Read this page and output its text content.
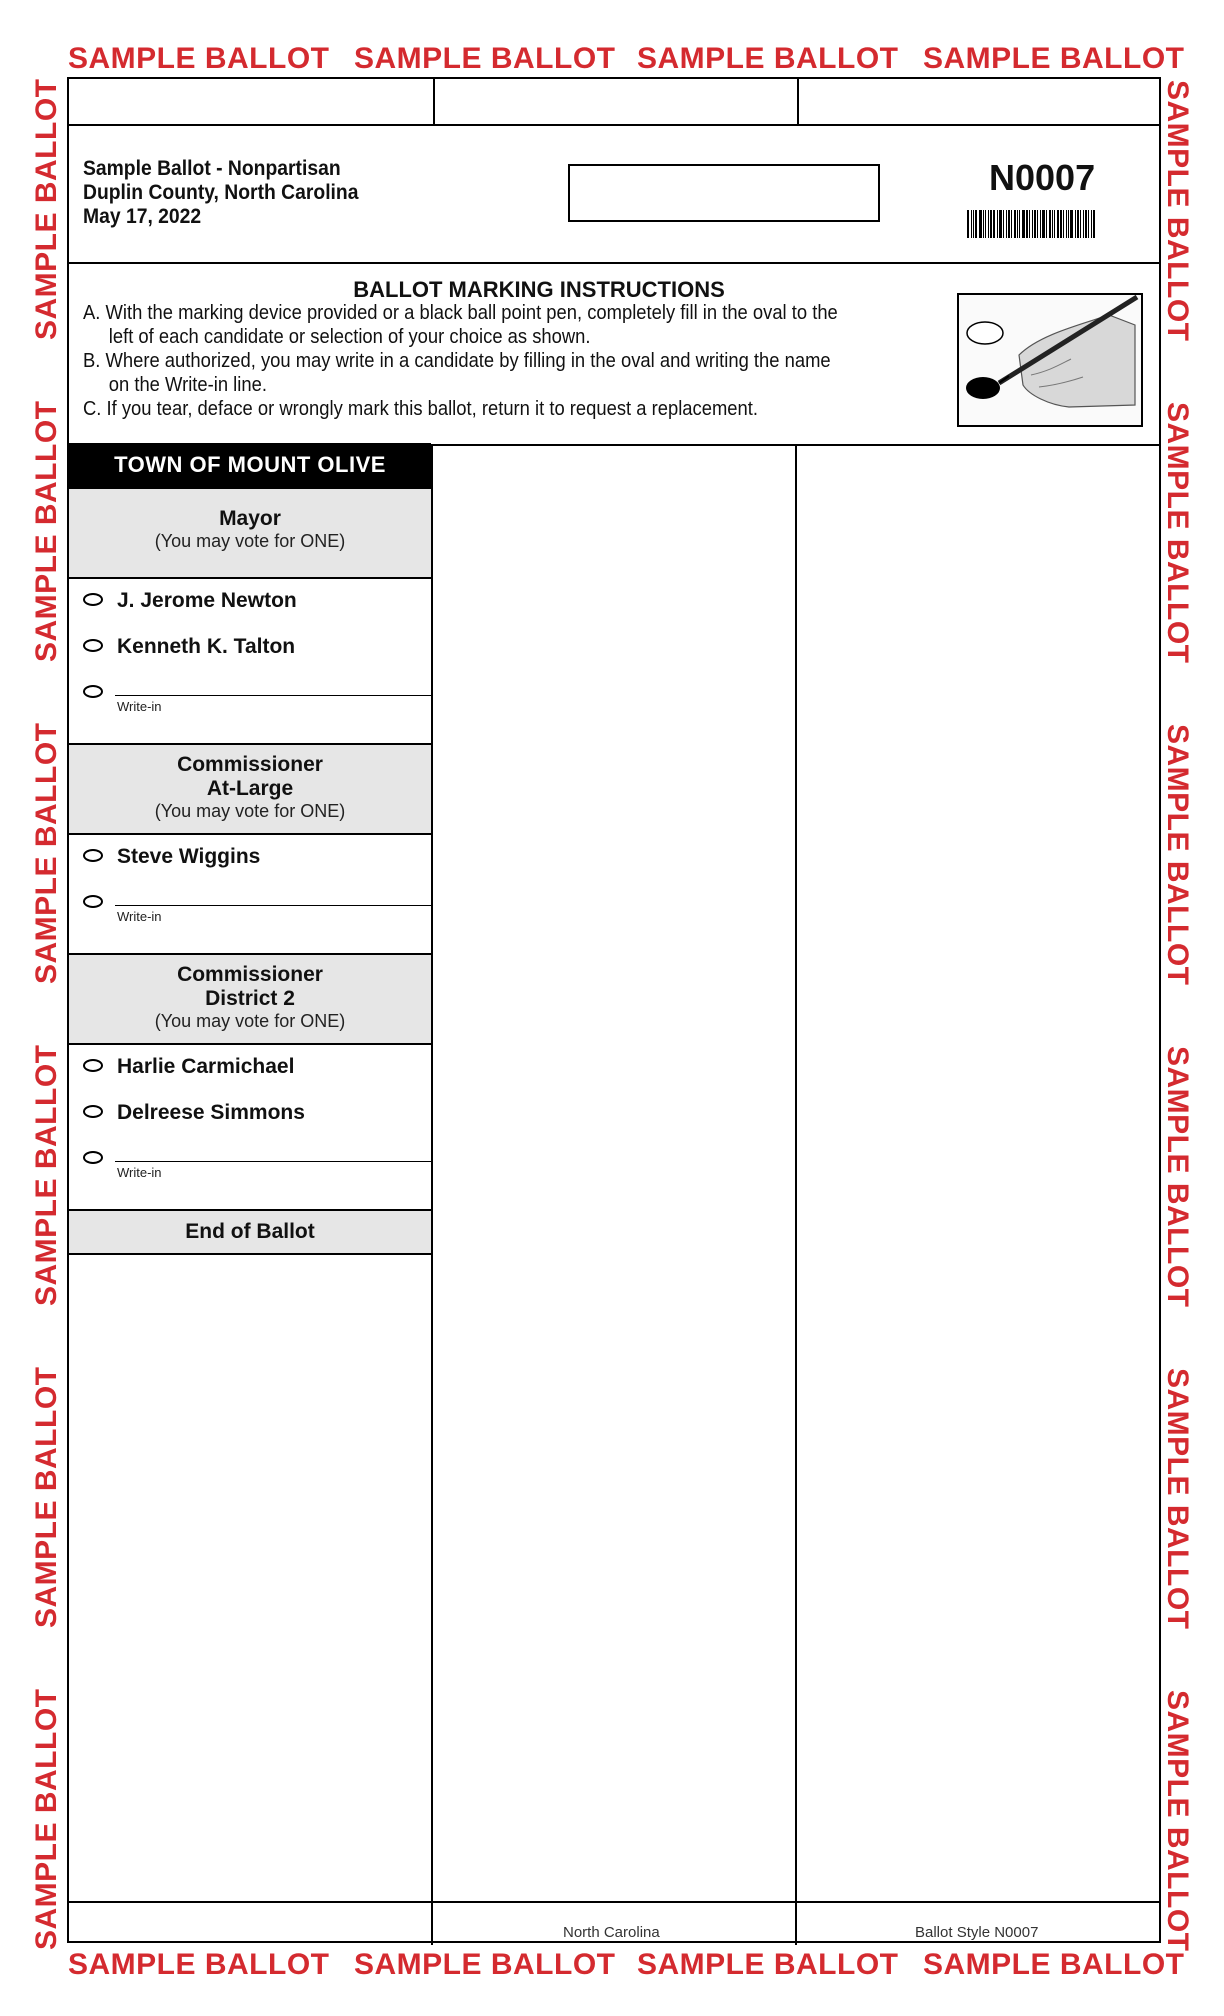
SAMPLE BALLOT SAMPLE BALLOT SAMPLE BALLOT SAMPLE BALLOT
SAMPLE BALLOT SAMPLE BALLOT SAMPLE BALLOT SAMPLE BALLOT
SAMPLE BALLOT
SAMPLE BALLOT
SAMPLE BALLOT
SAMPLE BALLOT
SAMPLE BALLOT
SAMPLE BALLOT
SAMPLE BALLOT
SAMPLE BALLOT
SAMPLE BALLOT
SAMPLE BALLOT
SAMPLE BALLOT
SAMPLE BALLOT
Sample Ballot - Nonpartisan
Duplin County, North Carolina
May 17, 2022
N0007
BALLOT MARKING INSTRUCTIONS
A. With the marking device provided or a black ball point pen, completely fill in the oval to the
left of each candidate or selection of your choice as shown.
B. Where authorized, you may write in a candidate by filling in the oval and writing the name
on the Write-in line.
C. If you tear, deface or wrongly mark this ballot, return it to request a replacement.
TOWN OF MOUNT OLIVE
Mayor
(You may vote for ONE)
J. Jerome Newton
Kenneth K. Talton
Write-in
Commissioner
At-Large
(You may vote for ONE)
Steve Wiggins
Write-in
Commissioner
District 2
(You may vote for ONE)
Harlie Carmichael
Delreese Simmons
Write-in
End of Ballot
North Carolina	Ballot Style N0007
